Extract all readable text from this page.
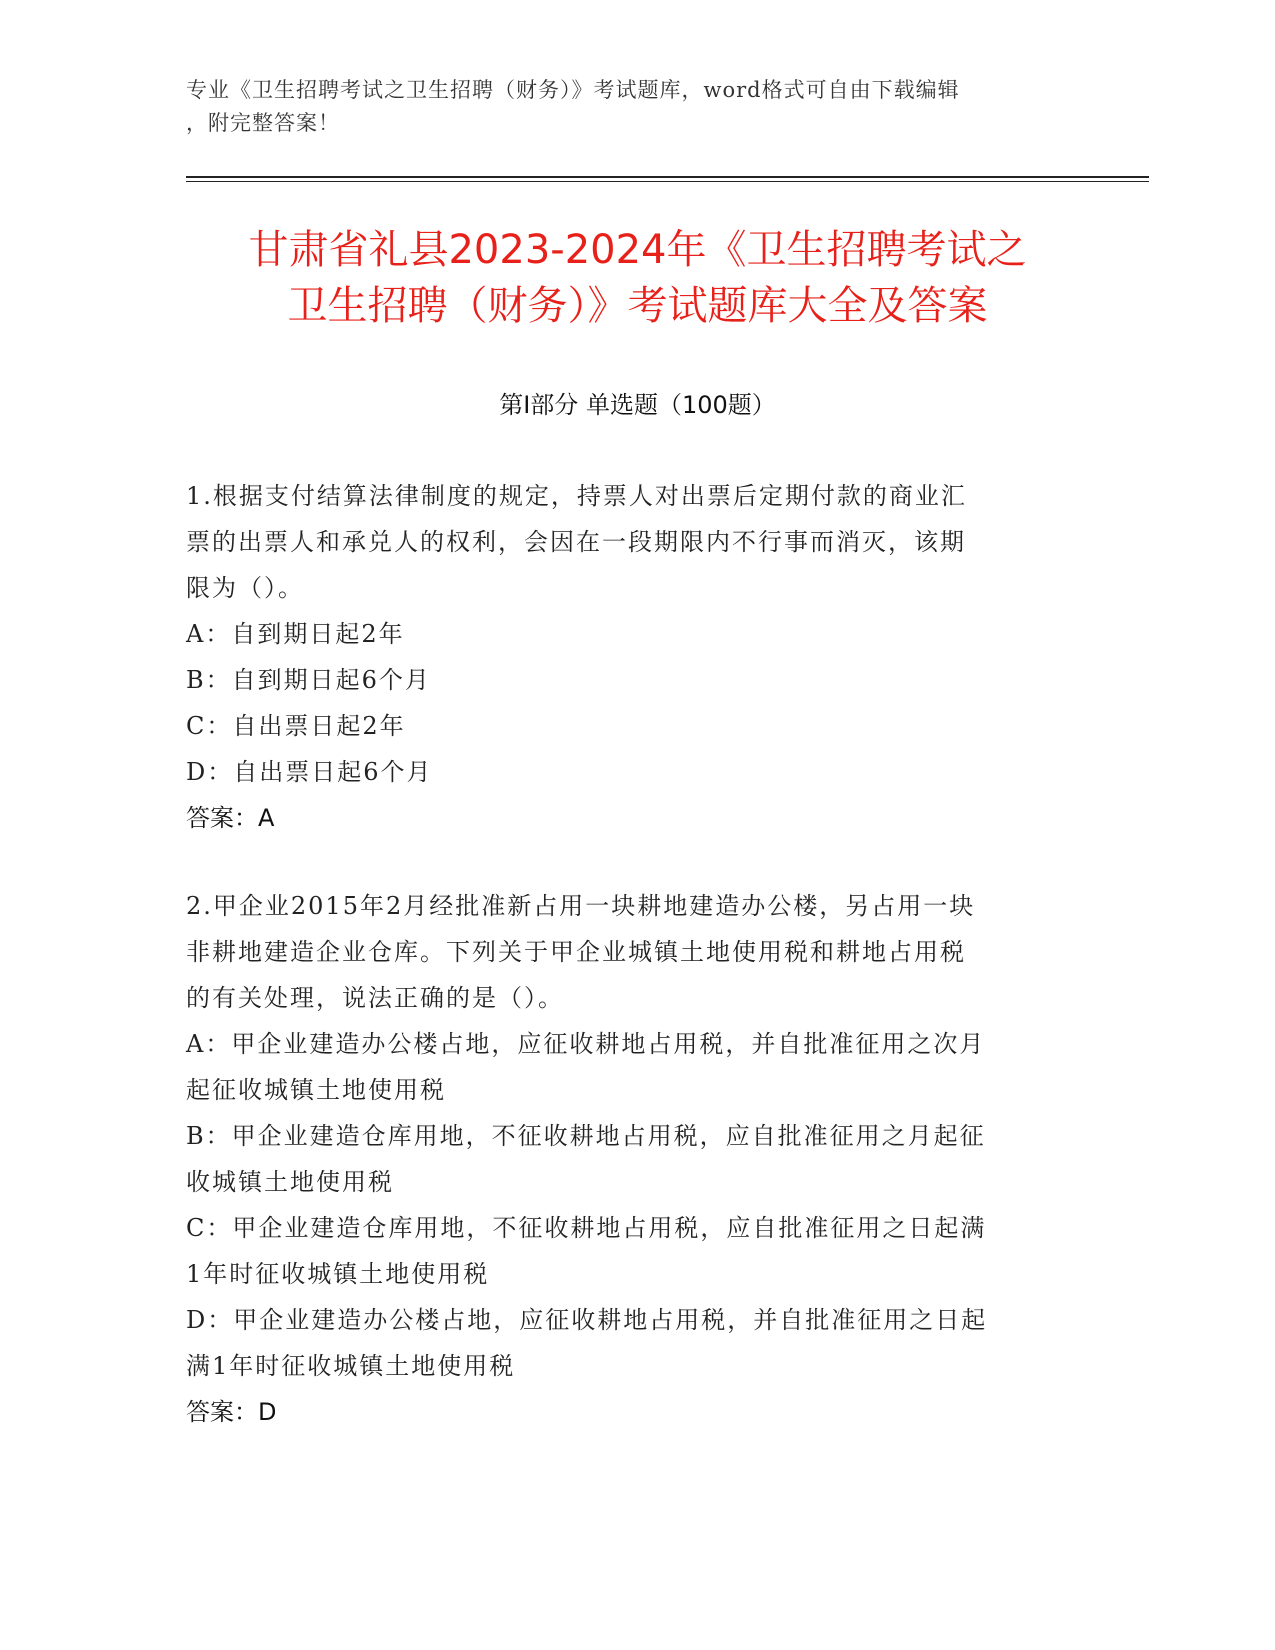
专业《卫生招聘考试之卫生招聘（财务）》考试题库，word格式可自由下载编辑
，附完整答案！
甘肃省礼县2023-2024年《卫生招聘考试之
卫生招聘（财务）》考试题库大全及答案
第Ⅰ部分 单选题（100题）

1.根据支付结算法律制度的规定，持票人对出票后定期付款的商业汇

票的出票人和承兑人的权利，会因在一段期限内不行事而消灭，该期

限为（）。

A：自到期日起2年

B：自到期日起6个月

C：自出票日起2年

D：自出票日起6个月

答案：A

2.甲企业2015年2月经批准新占用一块耕地建造办公楼，另占用一块

非耕地建造企业仓库。下列关于甲企业城镇土地使用税和耕地占用税

的有关处理，说法正确的是（）。

A：甲企业建造办公楼占地，应征收耕地占用税，并自批准征用之次月

起征收城镇土地使用税

B：甲企业建造仓库用地，不征收耕地占用税，应自批准征用之月起征

收城镇土地使用税

C：甲企业建造仓库用地，不征收耕地占用税，应自批准征用之日起满

1年时征收城镇土地使用税

D：甲企业建造办公楼占地，应征收耕地占用税，并自批准征用之日起

满1年时征收城镇土地使用税

答案：D
